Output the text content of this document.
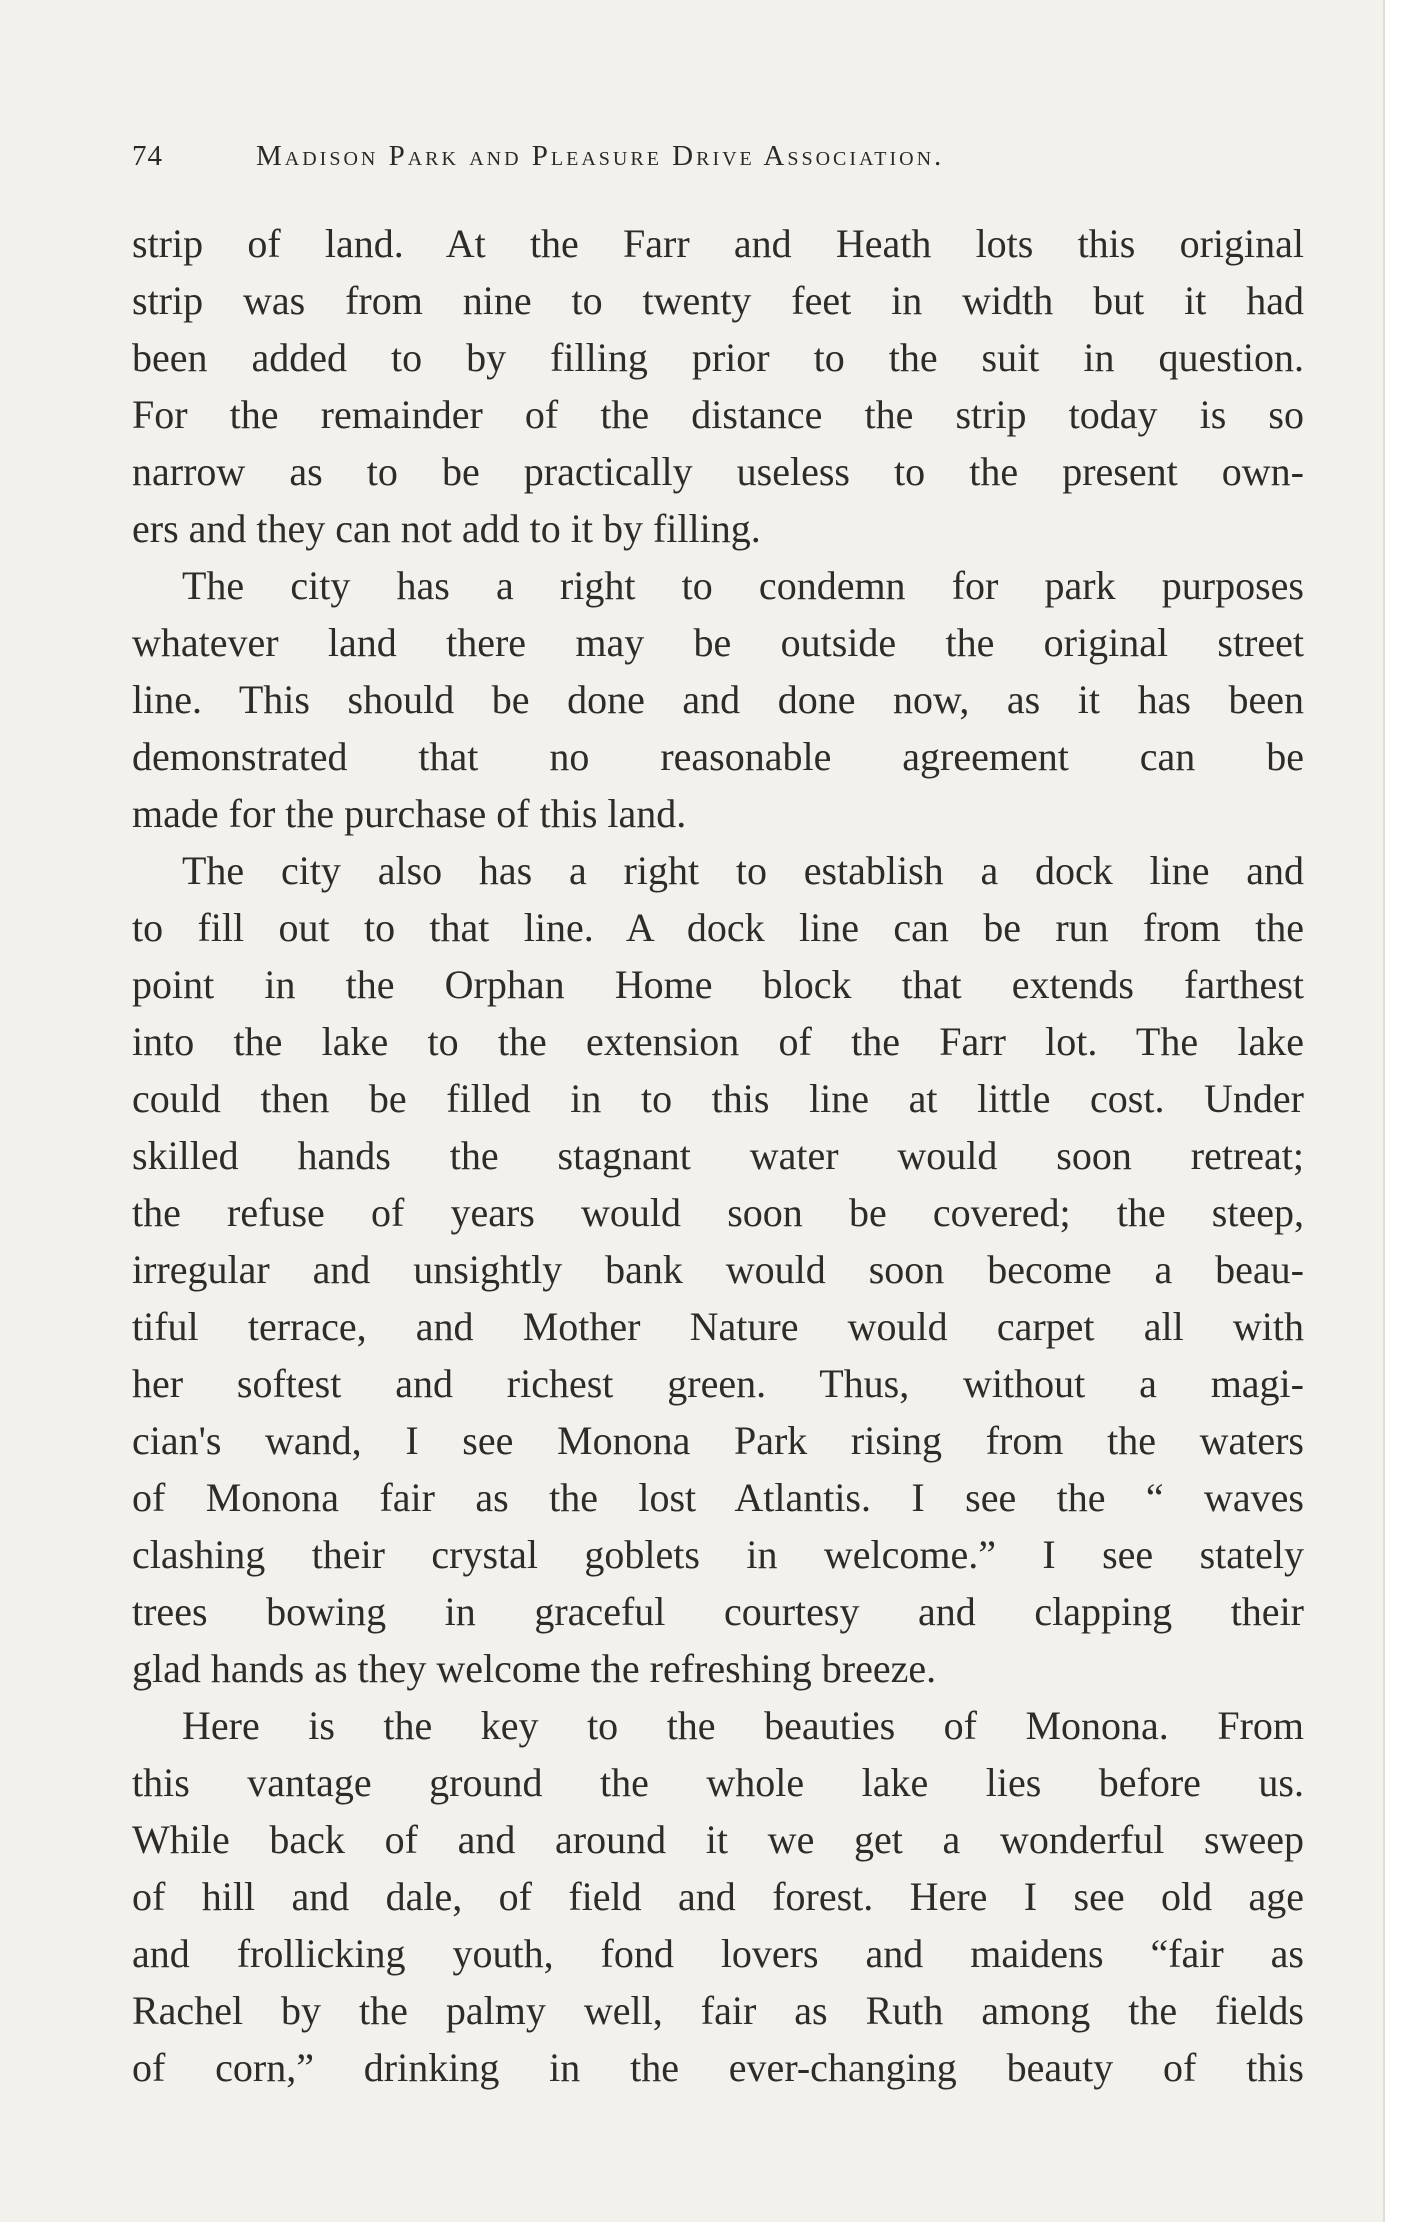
74	Madison Park and Pleasure Drive Association.
strip of land. At the Farr and Heath lots this original
strip was from nine to twenty feet in width but it had
been added to by filling prior to the suit in question.
For the remainder of the distance the strip today is so
narrow as to be practically useless to the present own-
ers and they can not add to it by filling.
The city has a right to condemn for park purposes
whatever land there may be outside the original street
line. This should be done and done now, as it has been
demonstrated that no reasonable agreement can be
made for the purchase of this land.
The city also has a right to establish a dock line and
to fill out to that line. A dock line can be run from the
point in the Orphan Home block that extends farthest
into the lake to the extension of the Farr lot. The lake
could then be filled in to this line at little cost. Under
skilled hands the stagnant water would soon retreat;
the refuse of years would soon be covered; the steep,
irregular and unsightly bank would soon become a beau-
tiful terrace, and Mother Nature would carpet all with
her softest and richest green. Thus, without a magi-
cian's wand, I see Monona Park rising from the waters
of Monona fair as the lost Atlantis. I see the “ waves
clashing their crystal goblets in welcome.” I see stately
trees bowing in graceful courtesy and clapping their
glad hands as they welcome the refreshing breeze.
Here is the key to the beauties of Monona. From
this vantage ground the whole lake lies before us.
While back of and around it we get a wonderful sweep
of hill and dale, of field and forest. Here I see old age
and frollicking youth, fond lovers and maidens “fair as
Rachel by the palmy well, fair as Ruth among the fields
of corn,” drinking in the ever-changing beauty of this
